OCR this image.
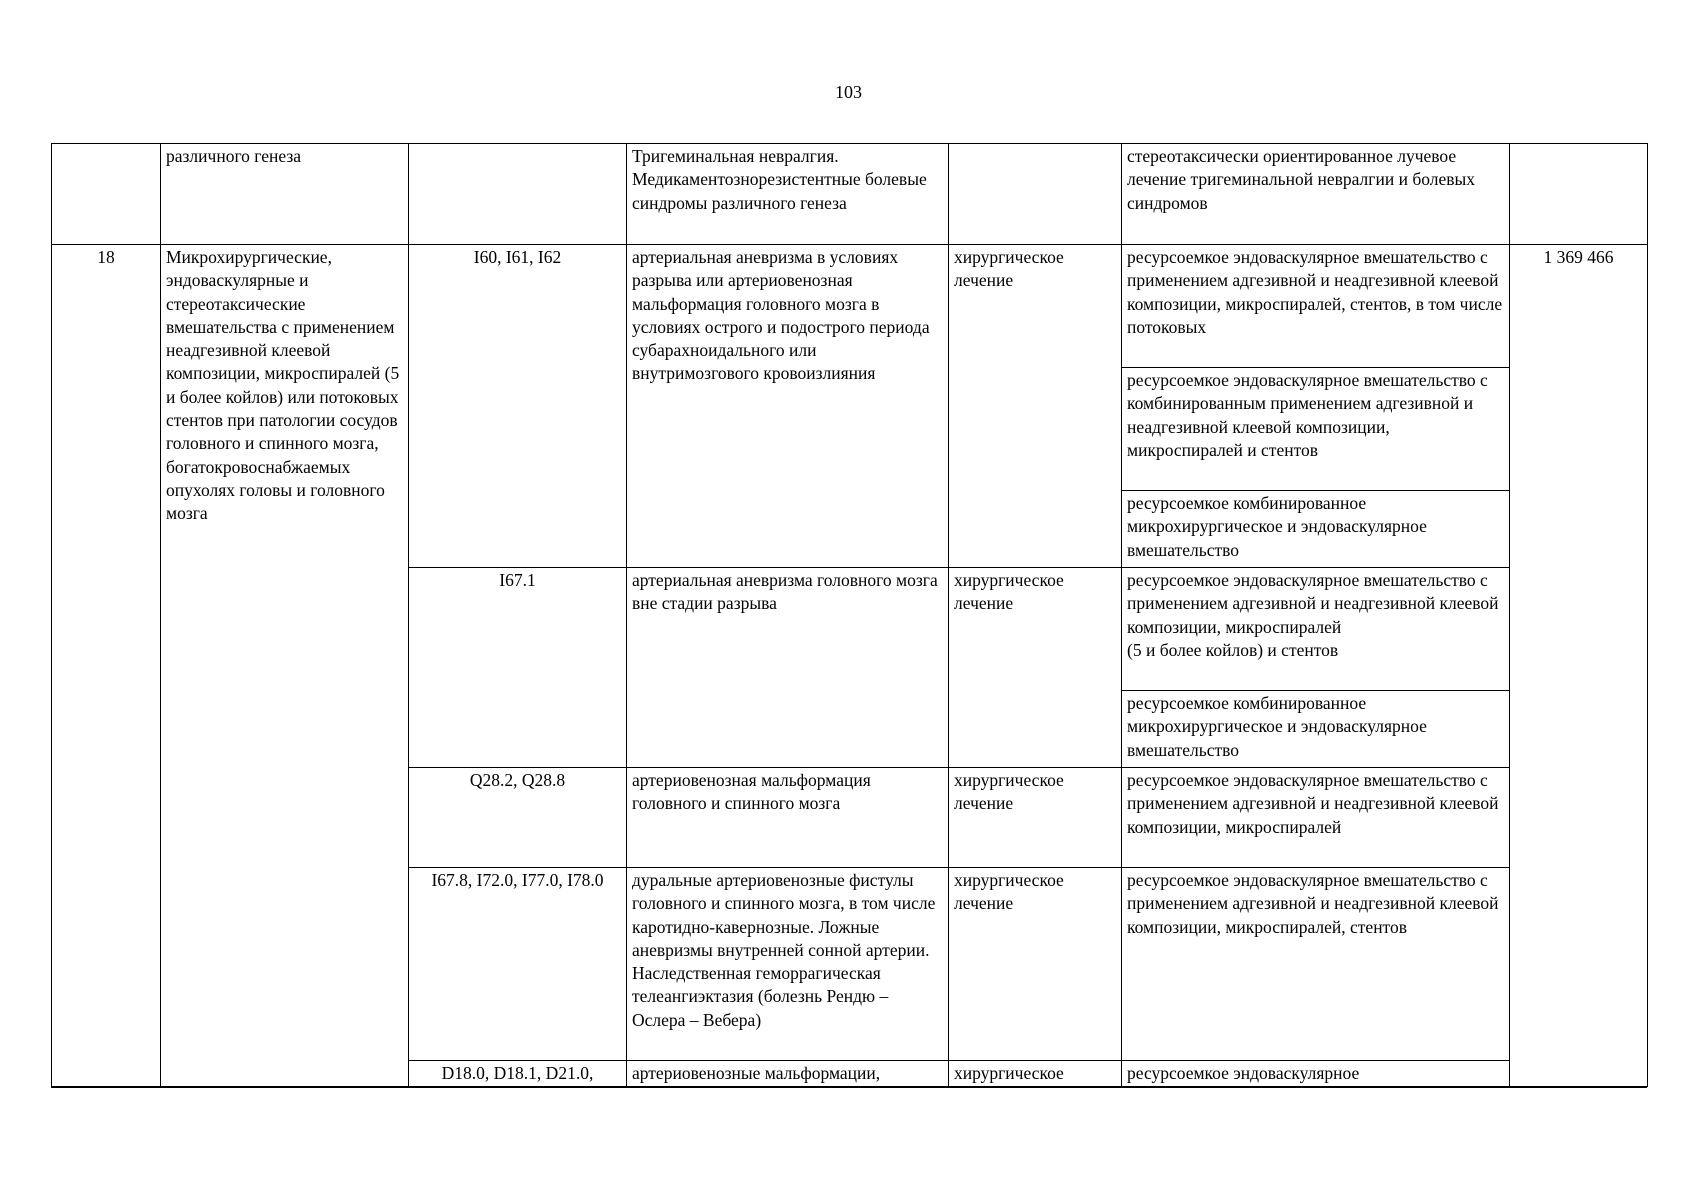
103
	различного генеза		Тригеминальная невралгия. Медикаментознорезистентные болевые синдромы различного генеза		стереотаксически ориентированное лучевое лечение тригеминальной невралгии и болевых синдромов	
18	Микрохирургические, эндоваскулярные и стереотаксические вмешательства с применением неадгезивной клеевой композиции, микроспиралей (5 и более койлов) или потоковых стентов при патологии сосудов головного и спинного мозга, богатокровоснабжаемых опухолях головы и головного мозга	I60, I61, I62	артериальная аневризма в условиях разрыва или артериовенозная мальформация головного мозга в условиях острого и подострого периода субарахноидального или внутримозгового кровоизлияния	хирургическое лечение	ресурсоемкое эндоваскулярное вмешательство с применением адгезивной и неадгезивной клеевой композиции, микроспиралей, стентов, в том числе потоковых	1 369 466
					ресурсоемкое эндоваскулярное вмешательство с комбинированным применением адгезивной и неадгезивной клеевой композиции, микроспиралей и стентов	
					ресурсоемкое комбинированное микрохирургическое и эндоваскулярное вмешательство	
		I67.1	артериальная аневризма головного мозга вне стадии разрыва	хирургическое лечение	ресурсоемкое эндоваскулярное вмешательство с применением адгезивной и неадгезивной клеевой композиции, микроспиралей
(5 и более койлов) и стентов	
					ресурсоемкое комбинированное микрохирургическое и эндоваскулярное вмешательство	
		Q28.2, Q28.8	артериовенозная мальформация головного и спинного мозга	хирургическое лечение	ресурсоемкое эндоваскулярное вмешательство с применением адгезивной и неадгезивной клеевой композиции, микроспиралей	
		I67.8, I72.0, I77.0, I78.0	дуральные артериовенозные фистулы головного и спинного мозга, в том числе каротидно-кавернозные. Ложные аневризмы внутренней сонной артерии. Наследственная геморрагическая телеангиэктазия (болезнь Рендю – Ослера – Вебера)	хирургическое лечение	ресурсоемкое эндоваскулярное вмешательство с применением адгезивной и неадгезивной клеевой композиции, микроспиралей, стентов	
		D18.0, D18.1, D21.0,	артериовенозные мальформации,	хирургическое	ресурсоемкое эндоваскулярное	
